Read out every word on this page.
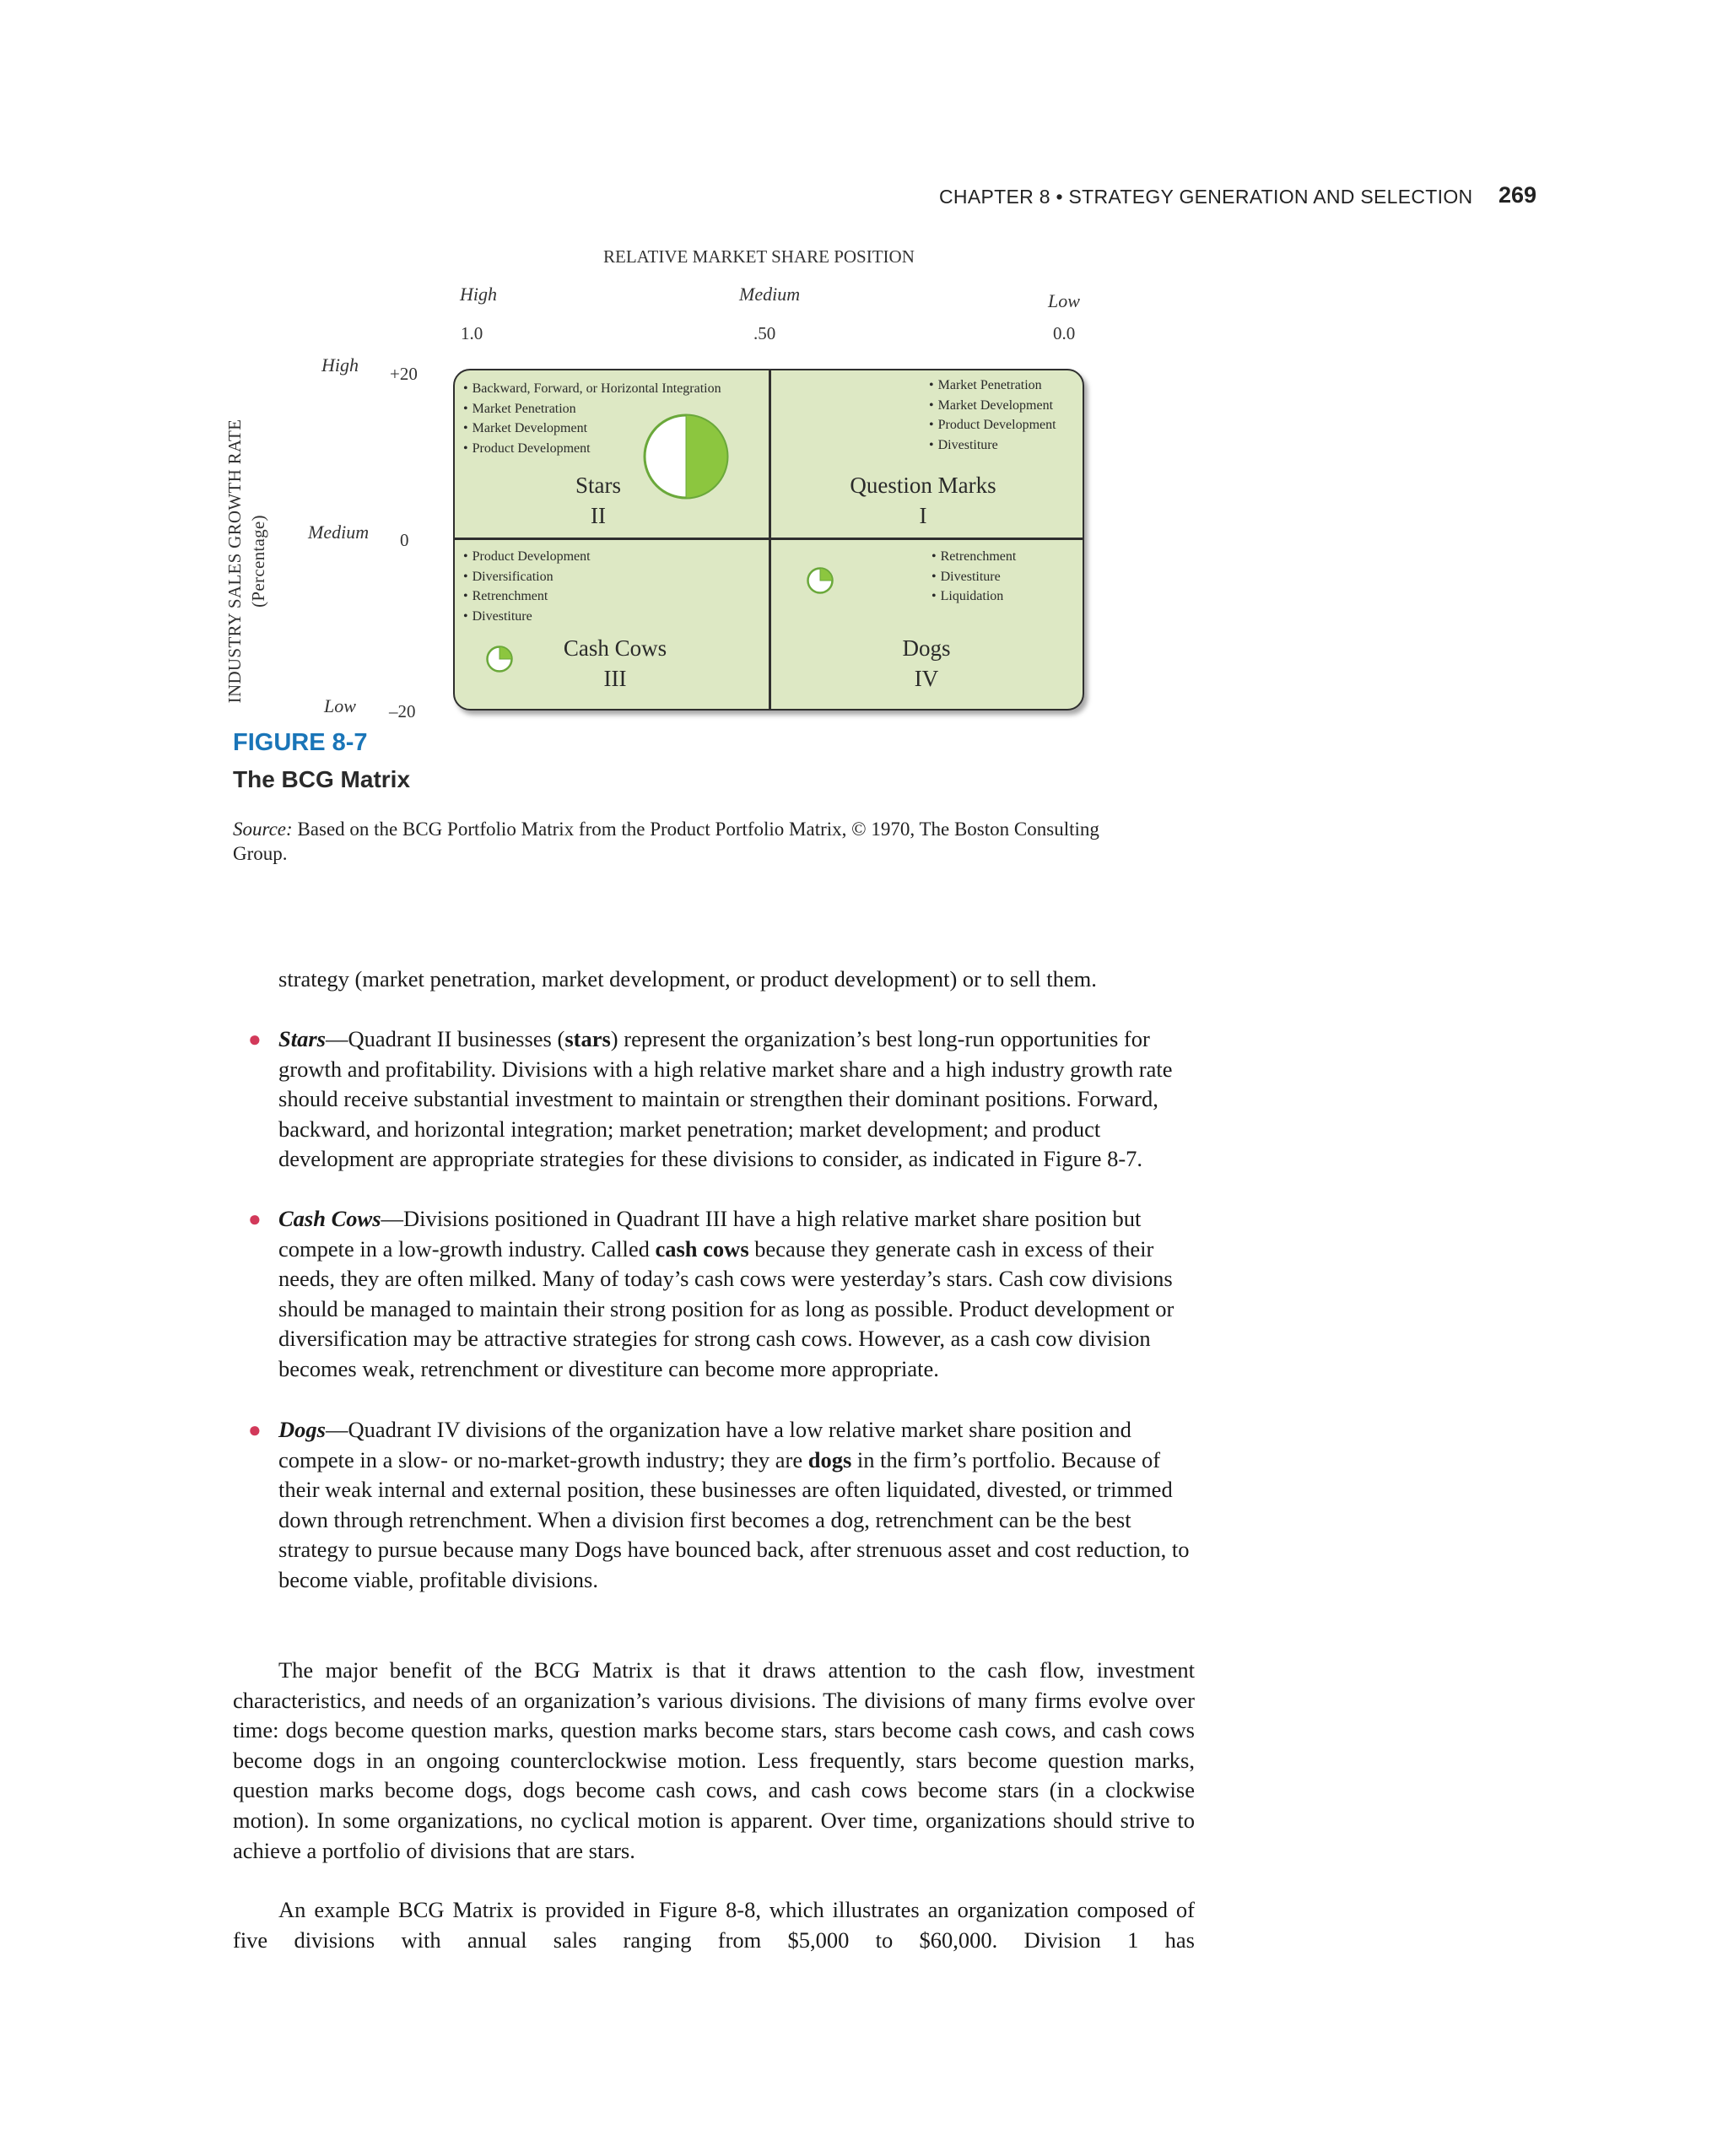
CHAPTER 8 • STRATEGY GENERATION AND SELECTION 269
RELATIVE MARKET SHARE POSITION
High	Medium	Low
1.0	.50	0.0
INDUSTRY SALES GROWTH RATE (Percentage)
High
Medium
Low
+20
0
–20
• Backward, Forward, or Horizontal Integration
• Market Penetration
• Market Development
• Product Development
Stars
II
• Market Penetration
• Market Development
• Product Development
• Divestiture
Question Marks
I
• Product Development
• Diversification
• Retrenchment
• Divestiture
Cash Cows
III
• Retrenchment
• Divestiture
• Liquidation
Dogs
IV
FIGURE 8-7
The BCG Matrix
Source: Based on the BCG Portfolio Matrix from the Product Portfolio Matrix, © 1970, The Boston Consulting Group.
strategy (market penetration, market development, or product development) or to sell them.
● Stars—Quadrant II businesses (stars) represent the organization’s best long-run opportunities for growth and profitability. Divisions with a high relative market share and a high industry growth rate should receive substantial investment to maintain or strengthen their dominant positions. Forward, backward, and horizontal integration; market penetration; market development; and product development are appropriate strategies for these divisions to consider, as indicated in Figure 8-7.

● Cash Cows—Divisions positioned in Quadrant III have a high relative market share position but compete in a low-growth industry. Called cash cows because they generate cash in excess of their needs, they are often milked. Many of today’s cash cows were yesterday’s stars. Cash cow divisions should be managed to maintain their strong position for as long as possible. Product development or diversification may be attractive strategies for strong cash cows. However, as a cash cow division becomes weak, retrenchment or divestiture can become more appropriate.

● Dogs—Quadrant IV divisions of the organization have a low relative market share position and compete in a slow- or no-market-growth industry; they are dogs in the firm’s portfolio. Because of their weak internal and external position, these businesses are often liquidated, divested, or trimmed down through retrenchment. When a division first becomes a dog, retrenchment can be the best strategy to pursue because many Dogs have bounced back, after strenuous asset and cost reduction, to become viable, profitable divisions.

The major benefit of the BCG Matrix is that it draws attention to the cash flow, investment characteristics, and needs of an organization’s various divisions. The divisions of many firms evolve over time: dogs become question marks, question marks become stars, stars become cash cows, and cash cows become dogs in an ongoing counterclockwise motion. Less frequently, stars become question marks, question marks become dogs, dogs become cash cows, and cash cows become stars (in a clockwise motion). In some organizations, no cyclical motion is apparent. Over time, organizations should strive to achieve a portfolio of divisions that are stars.
An example BCG Matrix is provided in Figure 8-8, which illustrates an organization composed of five divisions with annual sales ranging from $5,000 to $60,000. Division 1 has
